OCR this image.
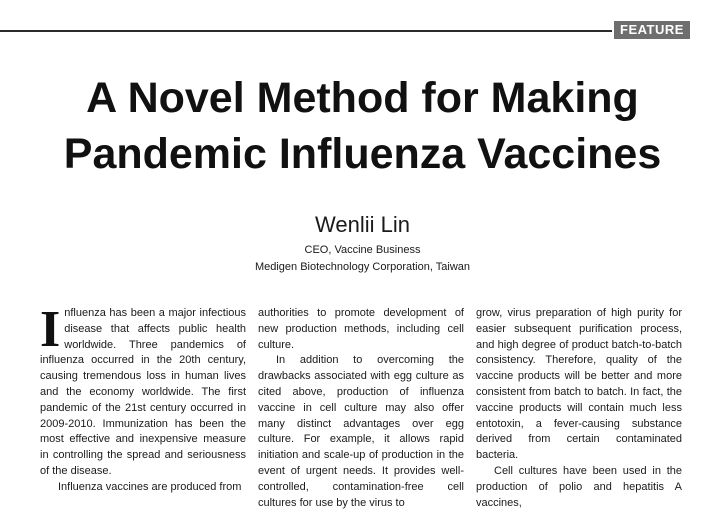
FEATURE
A Novel Method for Making
Pandemic Influenza Vaccines
Wenlii Lin
CEO, Vaccine Business
Medigen Biotechnology Corporation, Taiwan

Influenza has been a major infectious disease that affects public health worldwide. Three pandemics of influenza occurred in the 20th century, causing tremendous loss in human lives and the economy worldwide. The first pandemic of the 21st century occurred in 2009-2010. Immunization has been the most effective and inexpensive measure in controlling the spread and seriousness of the disease.

Influenza vaccines are produced from

authorities to promote development of new production methods, including cell culture.

In addition to overcoming the drawbacks associated with egg culture as cited above, production of influenza vaccine in cell culture may also offer many distinct advantages over egg culture. For example, it allows rapid initiation and scale-up of production in the event of urgent needs. It provides well-controlled, contamination-free cell cultures for use by the virus to

grow, virus preparation of high purity for easier subsequent purification process, and high degree of product batch-to-batch consistency. Therefore, quality of the vaccine products will be better and more consistent from batch to batch. In fact, the vaccine products will contain much less entotoxin, a fever-causing substance derived from certain contaminated bacteria.

Cell cultures have been used in the production of polio and hepatitis A vaccines,
